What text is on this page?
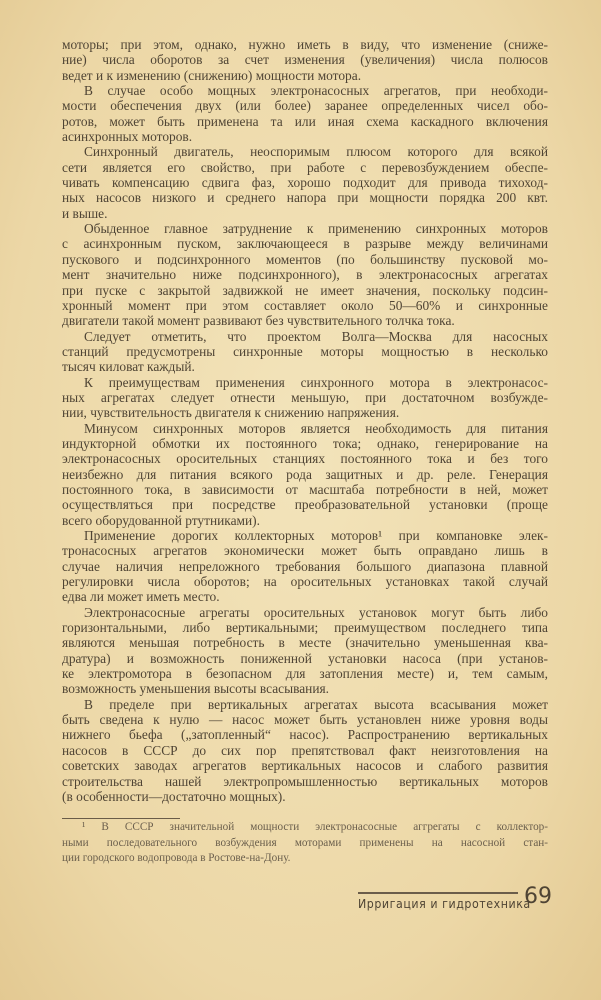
моторы; при этом, однако, нужно иметь в виду, что изменение (сниже-
ние) числа оборотов за счет изменения (увеличения) числа полюсов
ведет и к изменению (снижению) мощности мотора.
В случае особо мощных электронасосных агрегатов, при необходи-
мости обеспечения двух (или более) заранее определенных чисел обо-
ротов, может быть применена та или иная схема каскадного включения
асинхронных моторов.
Синхронный двигатель, неоспоримым плюсом которого для всякой
сети является его свойство, при работе с перевозбуждением обеспе-
чивать компенсацию сдвига фаз, хорошо подходит для привода тихоход-
ных насосов низкого и среднего напора при мощности порядка 200 квт.
и выше.
Обыденное главное затруднение к применению синхронных моторов
с асинхронным пуском, заключающееся в разрыве между величинами
пускового и подсинхронного моментов (по большинству пусковой мо-
мент значительно ниже подсинхронного), в электронасосных агрегатах
при пуске с закрытой задвижкой не имеет значения, поскольку подсин-
хронный момент при этом составляет около 50—60% и синхронные
двигатели такой момент развивают без чувствительного толчка тока.
Следует отметить, что проектом Волга—Москва для насосных
станций предусмотрены синхронные моторы мощностью в несколько
тысяч киловат каждый.
К преимуществам применения синхронного мотора в электронасос-
ных агрегатах следует отнести меньшую, при достаточном возбужде-
нии, чувствительность двигателя к снижению напряжения.
Минусом синхронных моторов является необходимость для питания
индукторной обмотки их постоянного тока; однако, генерирование на
электронасосных оросительных станциях постоянного тока и без того
неизбежно для питания всякого рода защитных и др. реле. Генерация
постоянного тока, в зависимости от масштаба потребности в ней, может
осуществляться при посредстве преобразовательной установки (проще
всего оборудованной ртутниками).
Применение дорогих коллекторных моторов¹ при компановке элек-
тронасосных агрегатов экономически может быть оправдано лишь в
случае наличия непреложного требования большого диапазона плавной
регулировки числа оборотов; на оросительных установках такой случай
едва ли может иметь место.
Электронасосные агрегаты оросительных установок могут быть либо
горизонтальными, либо вертикальными; преимуществом последнего типа
являются меньшая потребность в месте (значительно уменьшенная ква-
дратура) и возможность пониженной установки насоса (при установ-
ке электромотора в безопасном для затопления месте) и, тем самым,
возможность уменьшения высоты всасывания.
В пределе при вертикальных агрегатах высота всасывания может
быть сведена к нулю — насос может быть установлен ниже уровня воды
нижнего бьефа („затопленный“ насос). Распространению вертикальных
насосов в СССР до сих пор препятствовал факт неизготовления на
советских заводах агрегатов вертикальных насосов и слабого развития
строительства нашей электропромышленностью вертикальных моторов
(в особенности—достаточно мощных).
¹ В СССР значительной мощности электронасосные аггрегаты с коллектор-
ными последовательного возбуждения моторами применены на насосной стан-
ции городского водопровода в Ростове-на-Дону.
Ирригация и гидротехника
69
